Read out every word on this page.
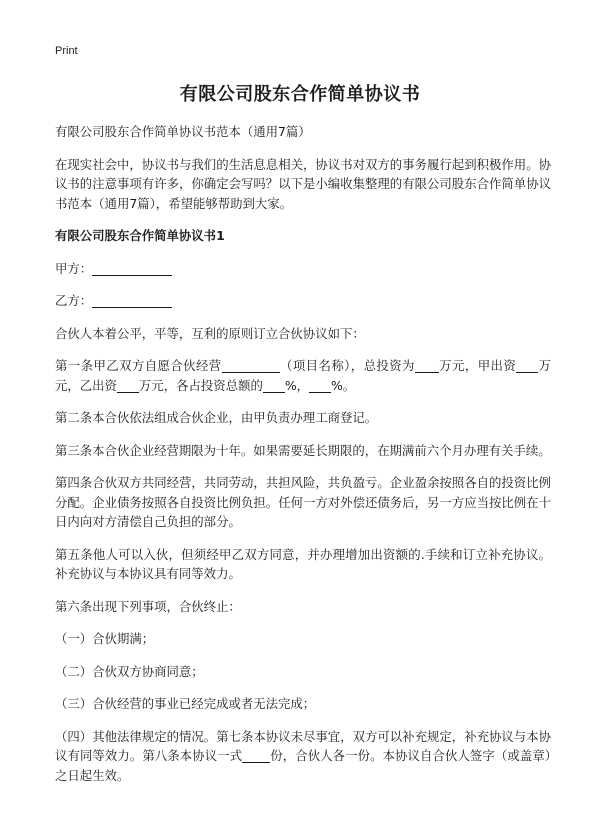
Print
有限公司股东合作简单协议书

有限公司股东合作简单协议书范本（通用7篇）

在现实社会中，协议书与我们的生活息息相关，协议书对双方的事务履行起到积极作用。协议书的注意事项有许多，你确定会写吗？以下是小编收集整理的有限公司股东合作简单协议书范本（通用7篇），希望能够帮助到大家。

有限公司股东合作简单协议书1

甲方：

乙方：

合伙人本着公平，平等，互利的原则订立合伙协议如下：

第一条甲乙双方自愿合伙经营	（项目名称），总投资为 万元，甲出资 万元，乙出资 万元，各占投资总额的 %， %。

第二条本合伙依法组成合伙企业，由甲负责办理工商登记。

第三条本合伙企业经营期限为十年。如果需要延长期限的，在期满前六个月办理有关手续。

第四条合伙双方共同经营，共同劳动，共担风险，共负盈亏。企业盈余按照各自的投资比例分配。企业债务按照各自投资比例负担。任何一方对外偿还债务后，另一方应当按比例在十日内向对方清偿自己负担的部分。

第五条他人可以入伙，但须经甲乙双方同意，并办理增加出资额的.手续和订立补充协议。补充协议与本协议具有同等效力。

第六条出现下列事项，合伙终止：

（一）合伙期满；

（二）合伙双方协商同意；

（三）合伙经营的事业已经完成或者无法完成；

（四）其他法律规定的情况。第七条本协议未尽事宜，双方可以补充规定，补充协议与本协议有同等效力。第八条本协议一式 份，合伙人各一份。本协议自合伙人签字（或盖章）之日起生效。
